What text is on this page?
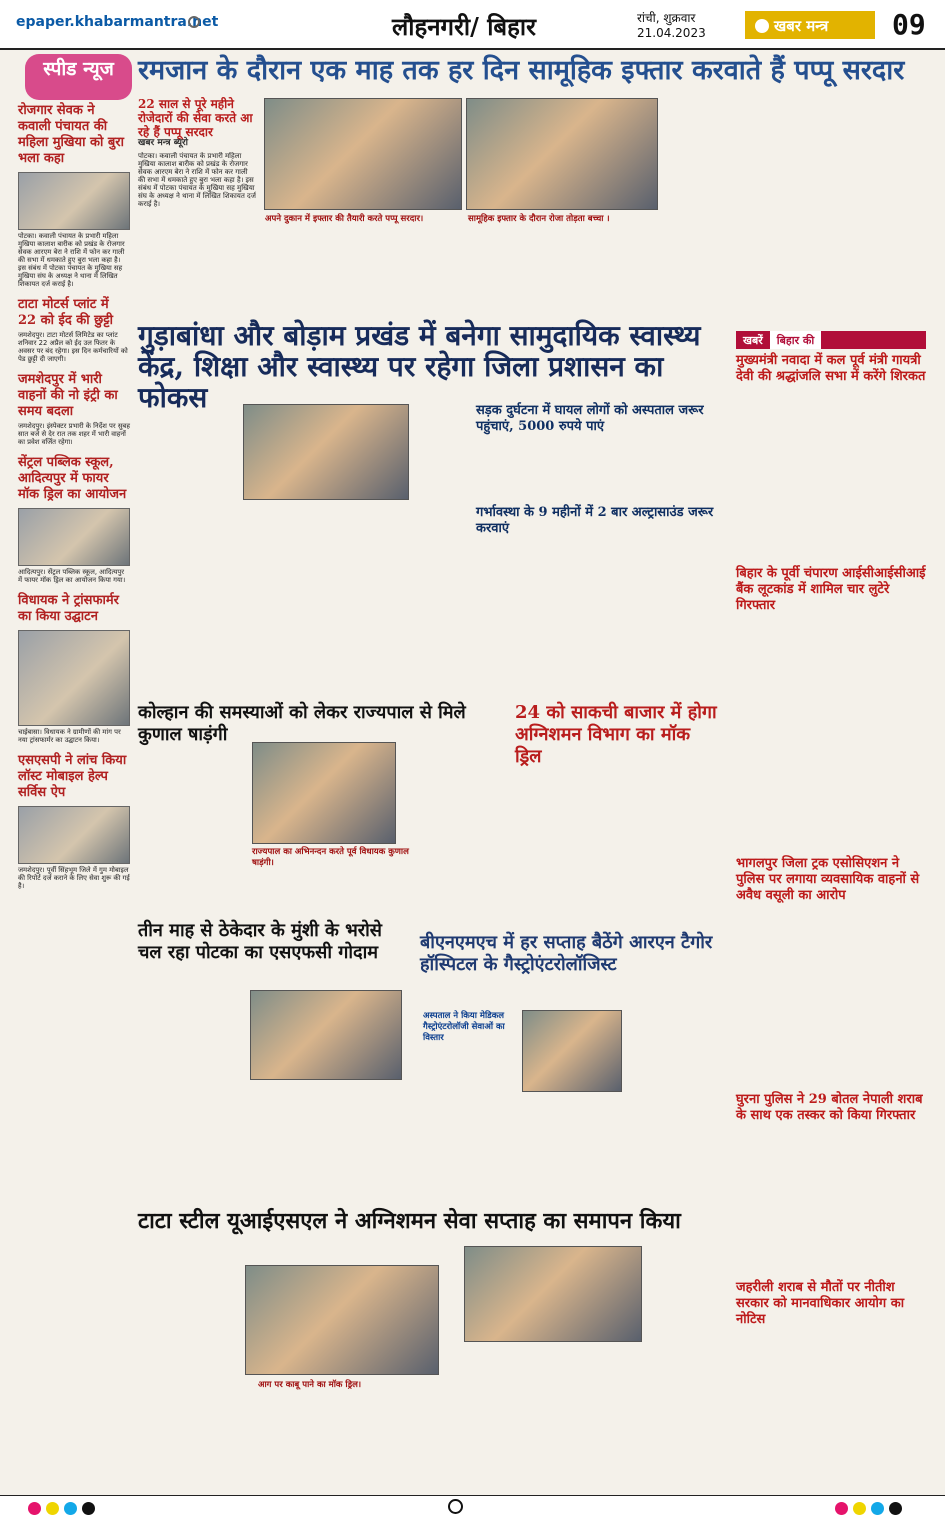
epaper.khabarmantra.net	लौहनगरी/ बिहार	रांची, शुक्रवार
21.04.2023	खबर मन्त्र	09
स्पीड न्यूज
रोजगार सेवक ने कवाली पंचायत की महिला मुखिया को बुरा भला कहा
पोटका। कवाली पंचायत के प्रभारी महिला मुखिया कालाश बारीक को प्रखंड के रोजगार सेवक आरएम बेरा ने राशि में फोन कर गाली की सभा में धमकाते हुए बुरा भला कहा है। इस संबंध में पोटका पंचायत के मुखिया सह मुखिया संघ के अध्यक्ष ने थाना में लिखित शिकायत दर्ज कराई है।
टाटा मोटर्स प्लांट में 22 को ईद की छुट्टी
जमशेदपुर। टाटा मोटर्स लिमिटेड का प्लांट शनिवार 22 अप्रैल को ईद उल फितर के अवसर पर बंद रहेगा। इस दिन कर्मचारियों को पेड छुट्टी दी जाएगी।
जमशेदपुर में भारी वाहनों की नो इंट्री का समय बदला
जमशेदपुर। इंस्पेक्टर प्रभारी के निर्देश पर सुबह सात बजे से देर रात तक शहर में भारी वाहनों का प्रवेश वर्जित रहेगा।
सेंट्रल पब्लिक स्कूल, आदित्यपुर में फायर मॉक ड्रिल का आयोजन
आदित्यपुर। सेंट्रल पब्लिक स्कूल, आदित्यपुर में फायर मॉक ड्रिल का आयोजन किया गया।
विधायक ने ट्रांसफार्मर का किया उद्घाटन
चाईबासा। विधायक ने ग्रामीणों की मांग पर नया ट्रांसफार्मर का उद्घाटन किया।
एसएसपी ने लांच किया लॉस्ट मोबाइल हेल्प सर्विस ऐप
जमशेदपुर। पूर्वी सिंहभूम जिले में गुम मोबाइल की रिपोर्ट दर्ज कराने के लिए सेवा शुरू की गई है।
रमजान के दौरान एक माह तक हर दिन सामूहिक इफ्तार करवाते हैं पप्पू सरदार
22 साल से पूरे महीने रोजेदारों की सेवा करते आ रहे हैं पप्पू सरदार
खबर मन्त्र ब्यूरो
अपने दुकान में इफ्तार की तैयारी करते पप्पू सरदार।	सामूहिक इफ्तार के दौरान रोजा तोड़ता बच्चा ।
पोटका। कवाली पंचायत के प्रभारी महिला मुखिया कालाश बारीक को प्रखंड के रोजगार सेवक आरएम बेरा ने राशि में फोन कर गाली की सभा में धमकाते हुए बुरा भला कहा है। इस संबंध में पोटका पंचायत के मुखिया सह मुखिया संघ के अध्यक्ष ने थाना में लिखित शिकायत दर्ज कराई है।
गुड़ाबांधा और बोड़ाम प्रखंड में बनेगा सामुदायिक स्वास्थ्य केंद्र, शिक्षा और स्वास्थ्य पर रहेगा जिला प्रशासन का फोकस
खबरें बिहार की
मुख्यमंत्री नवादा में कल पूर्व मंत्री गायत्री देवी की श्रद्धांजलि सभा में करेंगे शिरकत
बिहार के पूर्वी चंपारण आईसीआईसीआई बैंक लूटकांड में शामिल चार लुटेरे गिरफ्तार
भागलपुर जिला ट्रक एसोसिएशन ने पुलिस पर लगाया व्यवसायिक वाहनों से अवैध वसूली का आरोप
घुरना पुलिस ने 29 बोतल नेपाली शराब के साथ एक तस्कर को किया गिरफ्तार
जहरीली शराब से मौतों पर नीतीश सरकार को मानवाधिकार आयोग का नोटिस
सड़क दुर्घटना में घायल लोगों को अस्पताल जरूर पहुंचाएं, 5000 रुपये पाएं
गर्भावस्था के 9 महीनों में 2 बार अल्ट्रासाउंड जरूर करवाएं
कोल्हान की समस्याओं को लेकर राज्यपाल से मिले कुणाल षाड़ंगी
राज्यपाल का अभिनन्दन करते पूर्व विधायक कुणाल षाड़ंगी।
24 को साकची बाजार में होगा अग्निशमन विभाग का मॉक ड्रिल
तीन माह से ठेकेदार के मुंशी के भरोसे चल रहा पोटका का एसएफसी गोदाम	बीएनएमएच में हर सप्ताह बैठेंगे आरएन टैगोर हॉस्पिटल के गैस्ट्रोएंटरोलॉजिस्ट
अस्पताल ने किया मेडिकल गैस्ट्रोएंटरोलॉजी सेवाओं का विस्तार
टाटा स्टील यूआईएसएल ने अग्निशमन सेवा सप्ताह का समापन किया
आग पर काबू पाने का मॉक ड्रिल।
